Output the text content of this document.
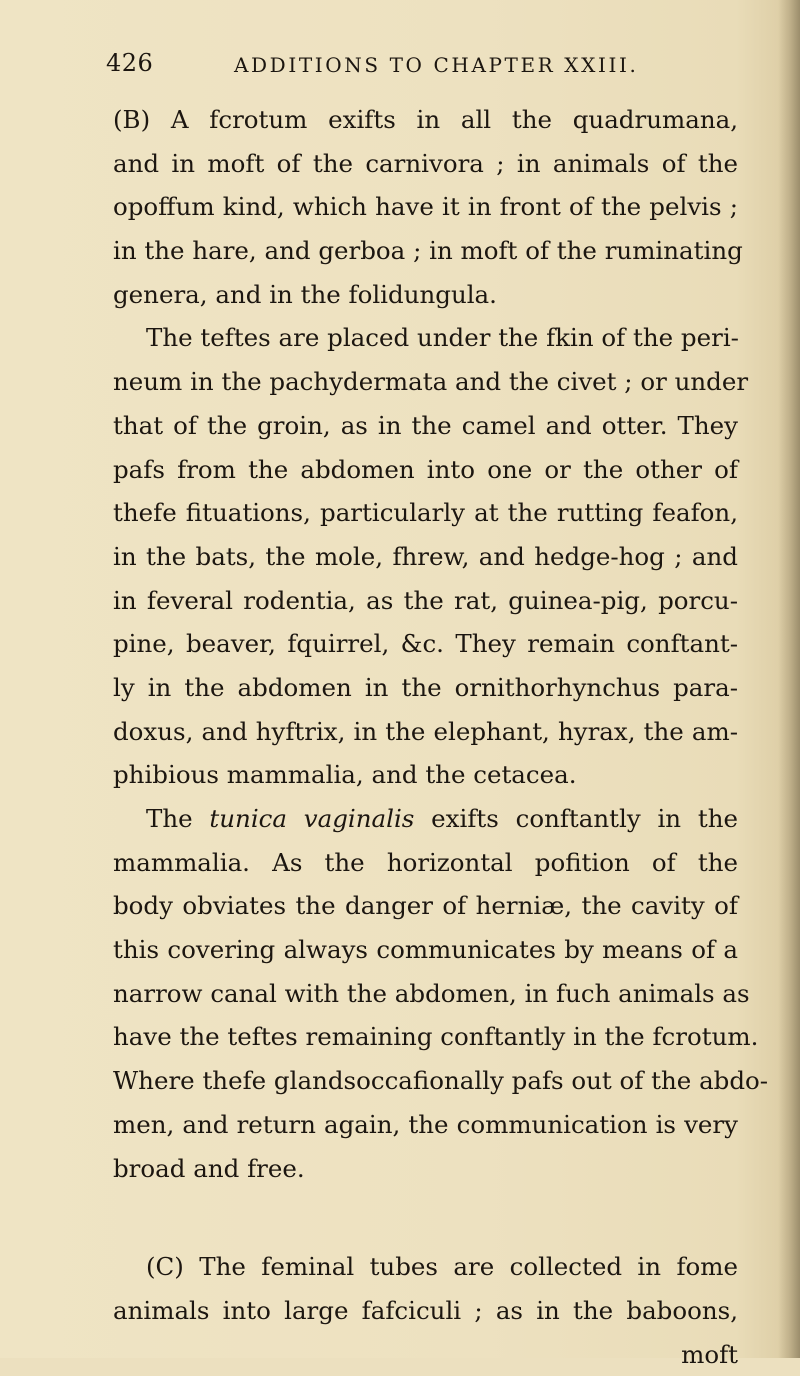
426	ADDITIONS TO CHAPTER XXIII.
(B) A fcrotum exifts in all the quadrumana,
and in moft of the carnivora ; in animals of the
opoffum kind, which have it in front of the pelvis ;
in the hare, and gerboa ; in moft of the ruminating
genera, and in the folidungula.
The teftes are placed under the fkin of the peri-
neum in the pachydermata and the civet ; or under
that of the groin, as in the camel and otter. They
pafs from the abdomen into one or the other of
thefe fituations, particularly at the rutting feafon,
in the bats, the mole, fhrew, and hedge-hog ; and
in feveral rodentia, as the rat, guinea-pig, porcu-
pine, beaver, fquirrel, &c. They remain conftant-
ly in the abdomen in the ornithorhynchus para-
doxus, and hyftrix, in the elephant, hyrax, the am-
phibious mammalia, and the cetacea.
The tunica vaginalis exifts conftantly in the
mammalia. As the horizontal pofition of the
body obviates the danger of herniæ, the cavity of
this covering always communicates by means of a
narrow canal with the abdomen, in fuch animals as
have the teftes remaining conftantly in the fcrotum.
Where thefe glandsoccafionally pafs out of the abdo-
men, and return again, the communication is very
broad and free.
(C) The feminal tubes are collected in fome
animals into large fafciculi ; as in the baboons,
moft
